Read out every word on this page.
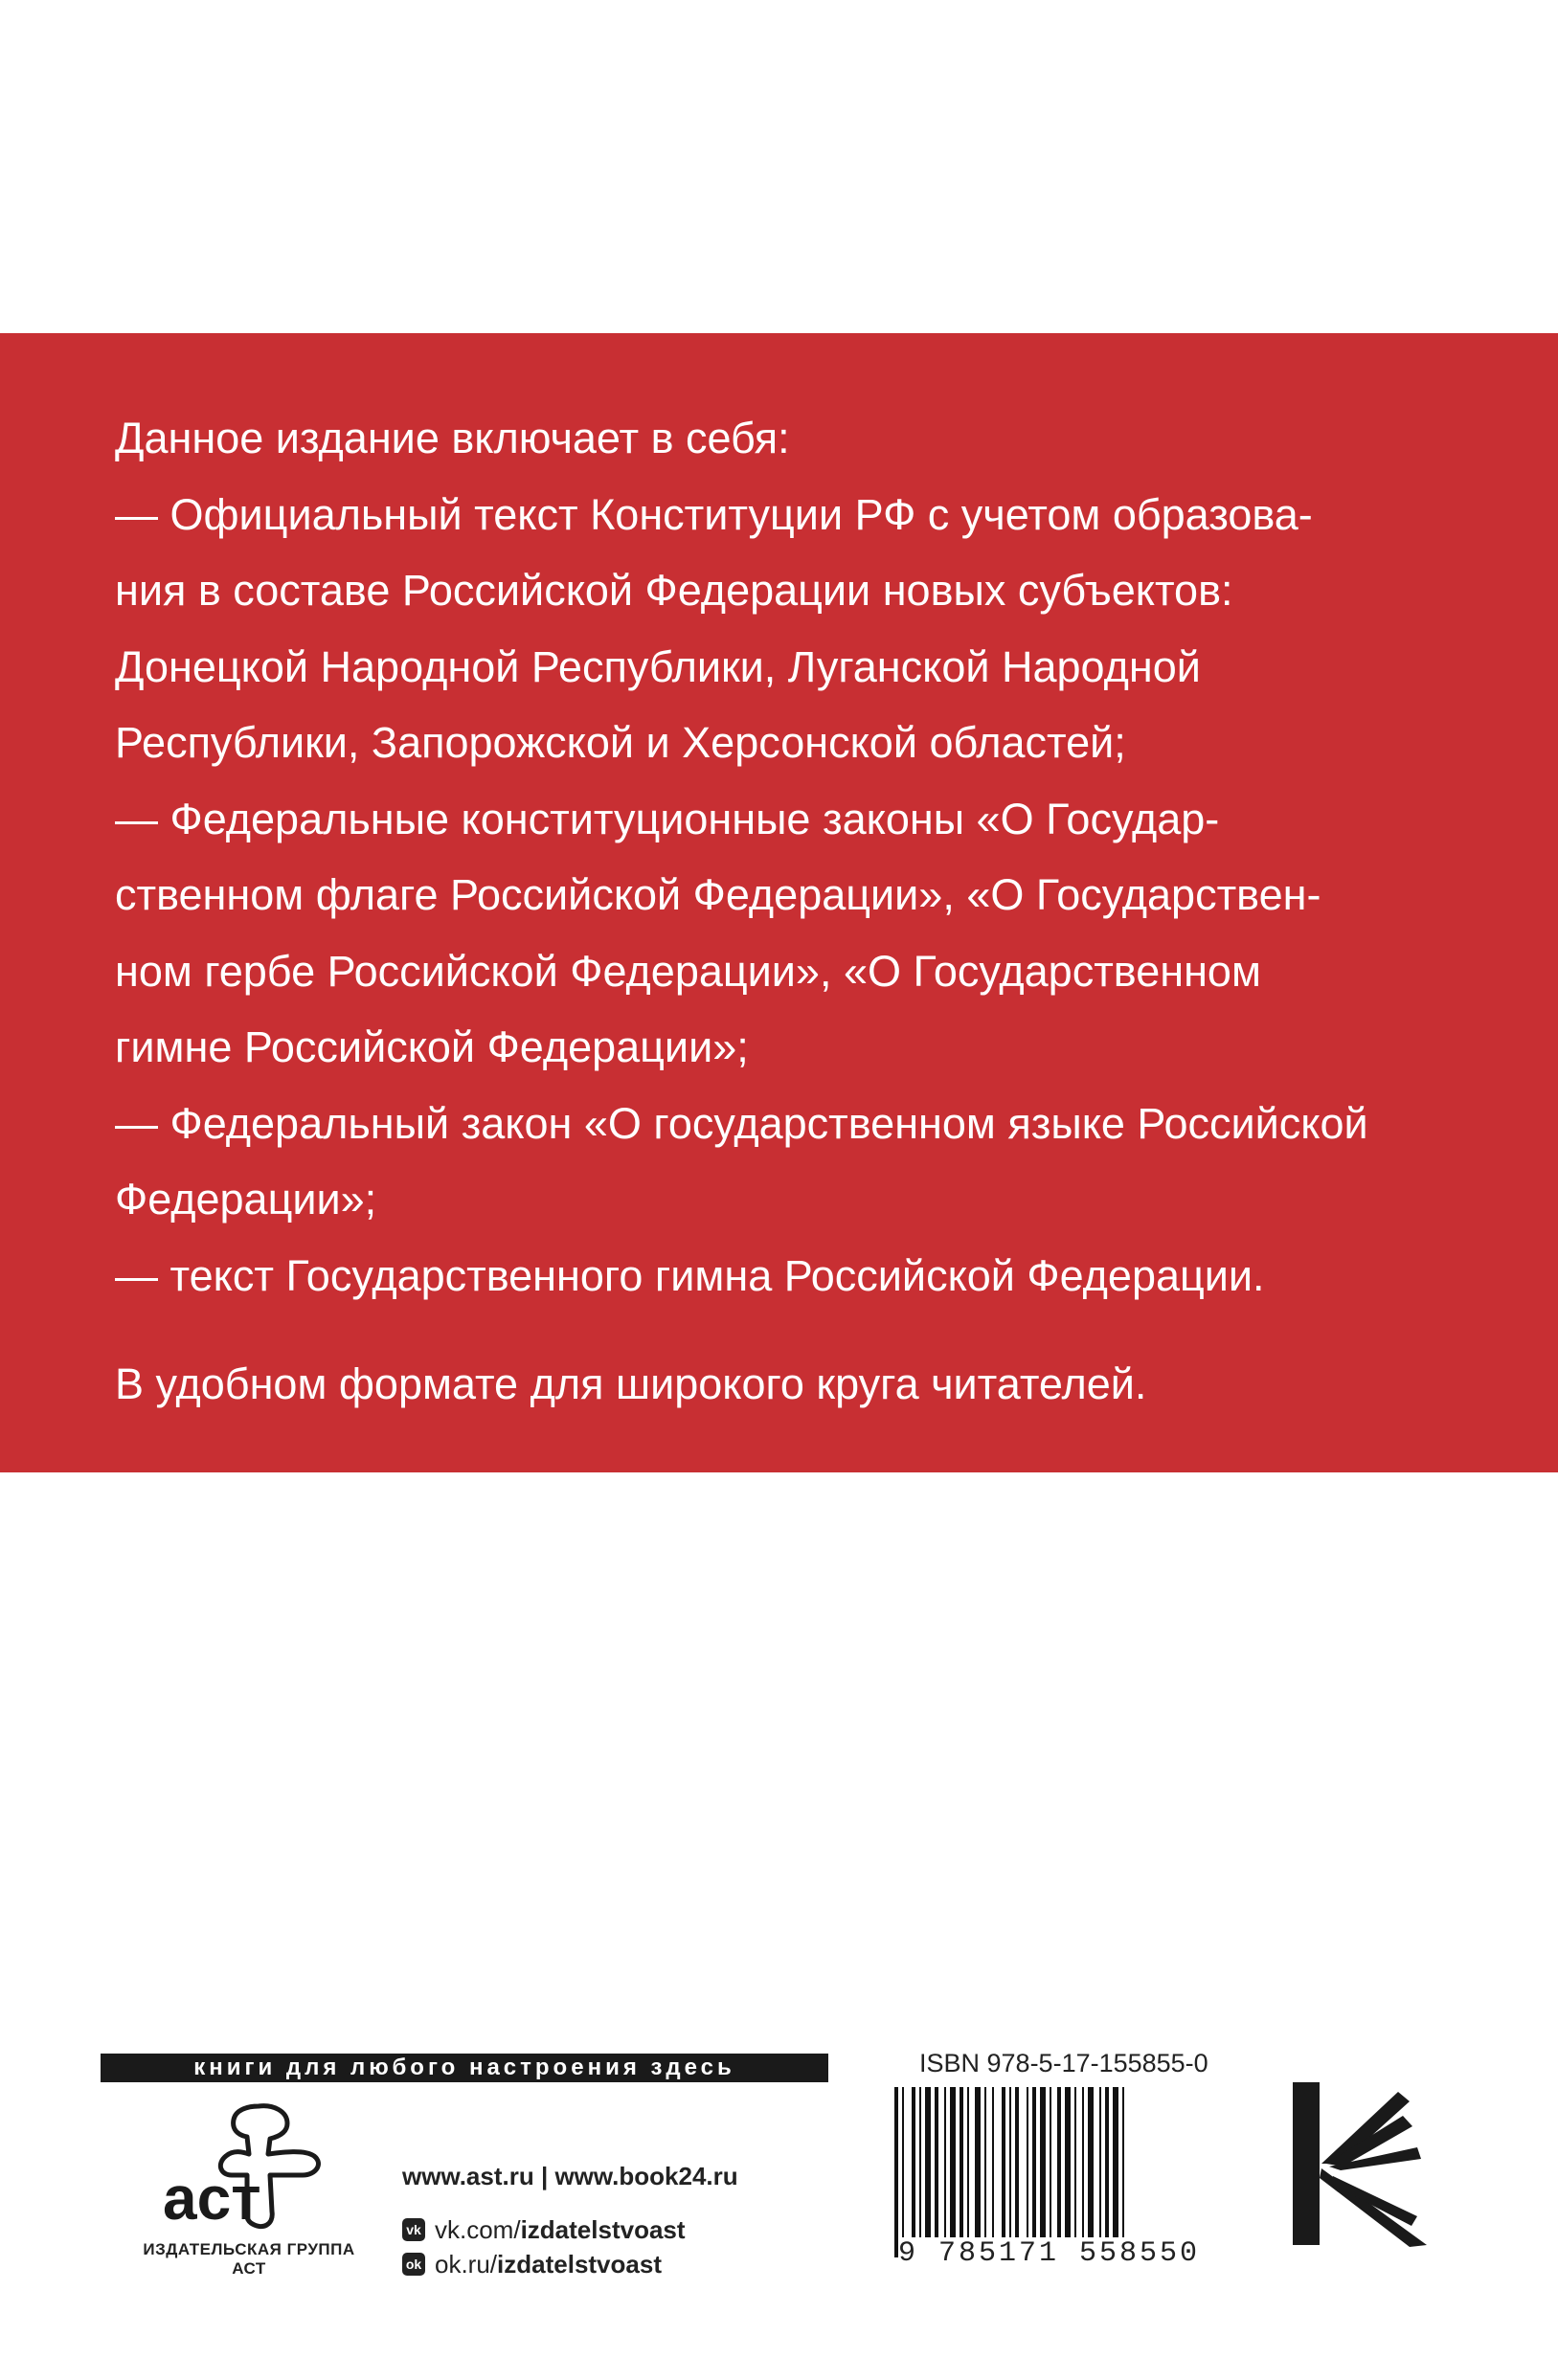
Данное издание включает в себя:

— Официальный текст Конституции РФ с учетом образова-

ния в составе Российской Федерации новых субъектов:

Донецкой Народной Республики, Луганской Народной

Республики, Запорожской и Херсонской областей;

— Федеральные конституционные законы «О Государ-

ственном флаге Российской Федерации», «О Государствен-

ном гербе Российской Федерации», «О Государственном

гимне Российской Федерации»;

— Федеральный закон «О государственном языке Российской

Федерации»;

— текст Государственного гимна Российской Федерации.

В удобном формате для широкого круга читателей.

книги для любого настроения здесь
аст
ИЗДАТЕЛЬСКАЯ ГРУППА АСТ
www.ast.ru | www.book24.ru
vk vk.com/ izdatelstvoast
ok ok.ru/ izdatelstvoast
ISBN 978-5-17-155855-0
9 785171 558550
